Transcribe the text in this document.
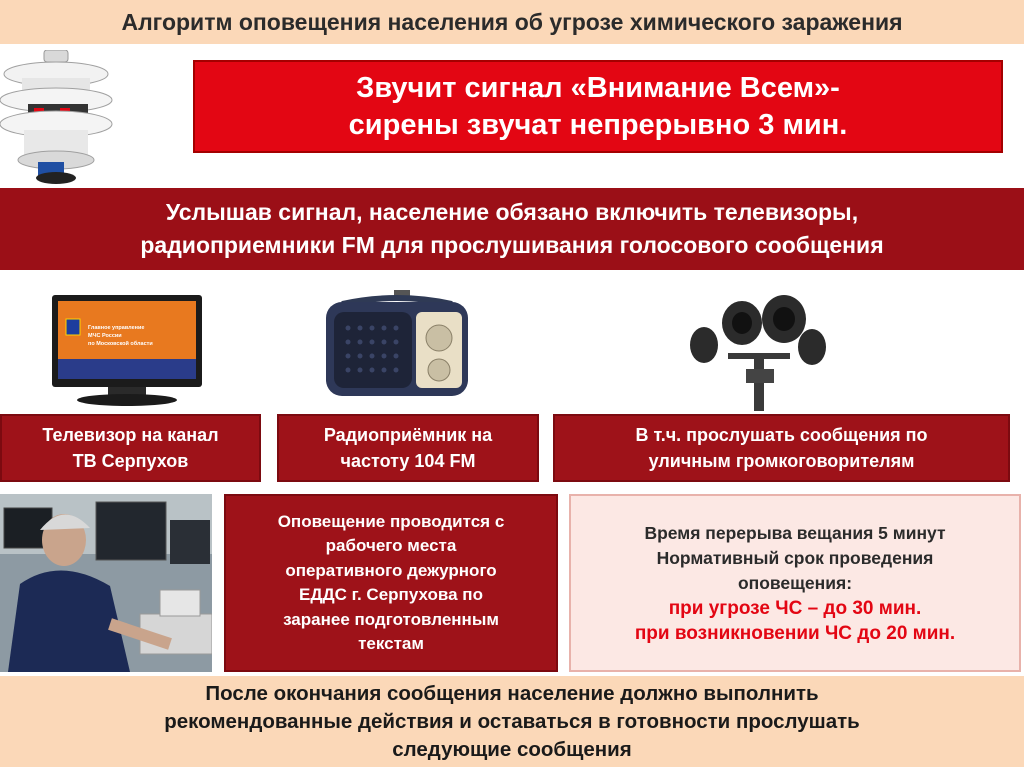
Алгоритм оповещения населения об угрозе химического заражения
Звучит сигнал «Внимание Всем»-
сирены звучат непрерывно 3 мин.
Услышав сигнал, население обязано включить телевизоры,
радиоприемники FM для прослушивания голосового сообщения
Главное управление
МЧС России
по Московской области
Телевизор на канал
ТВ Серпухов
Радиоприёмник на
частоту 104 FM
В т.ч. прослушать сообщения по
уличным громкоговорителям
Оповещение проводится с
рабочего места
оперативного дежурного
ЕДДС г. Серпухова по
заранее подготовленным
текстам
Время перерыва вещания 5 минут
Нормативный срок проведения
оповещения:
при угрозе ЧС – до 30 мин.
при возникновении ЧС до 20 мин.
После окончания сообщения население должно выполнить
рекомендованные действия и оставаться в готовности прослушать
следующие сообщения
